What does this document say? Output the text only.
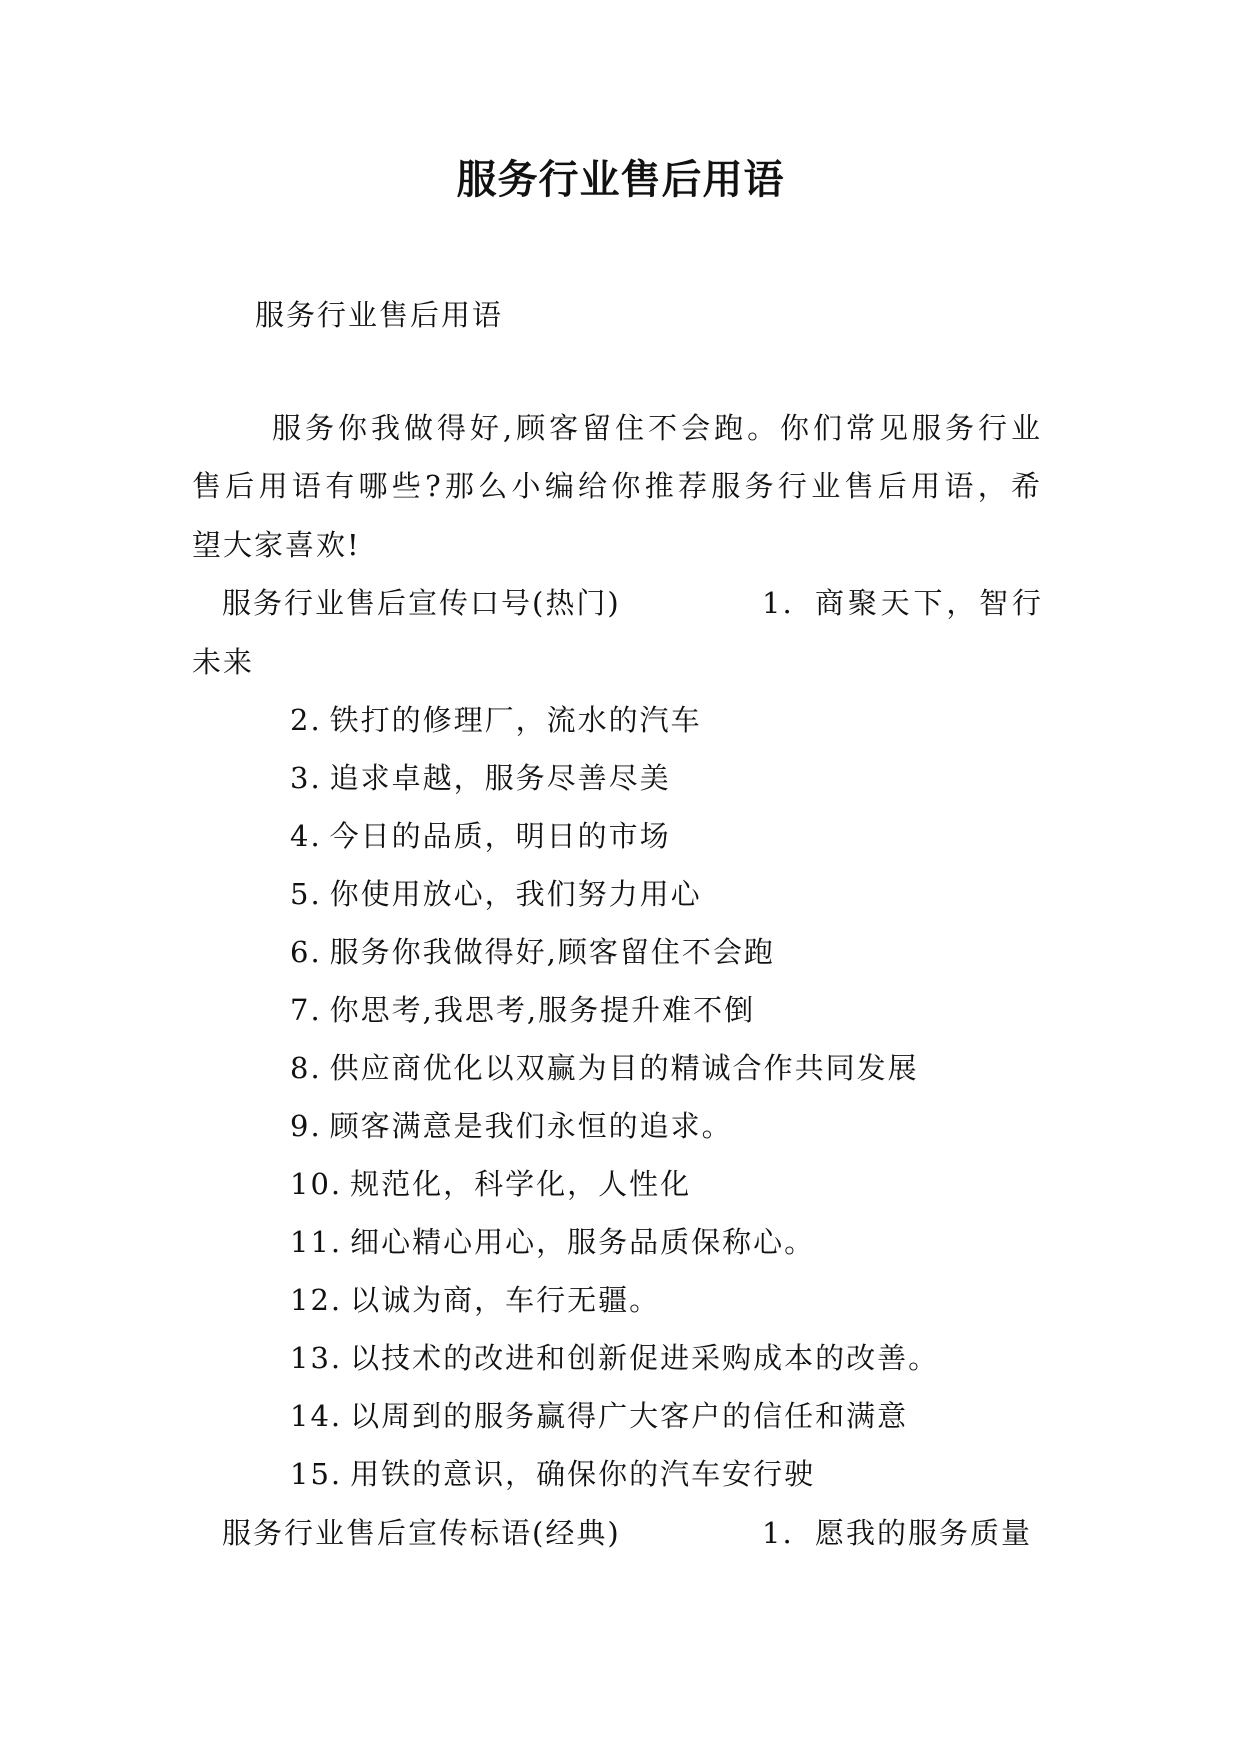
服务行业售后用语
服务行业售后用语
服务你我做得好,顾客留住不会跑。你们常见服务行业
售后用语有哪些?那么小编给你推荐服务行业售后用语，希
望大家喜欢!
服务行业售后宣传口号(热门)	1. 商聚天下，智行
未来
2. 铁打的修理厂，流水的汽车
3. 追求卓越，服务尽善尽美
4. 今日的品质，明日的市场
5. 你使用放心，我们努力用心
6. 服务你我做得好,顾客留住不会跑
7. 你思考,我思考,服务提升难不倒
8. 供应商优化以双赢为目的精诚合作共同发展
9. 顾客满意是我们永恒的追求。
10. 规范化，科学化，人性化
11. 细心精心用心，服务品质保称心。
12. 以诚为商，车行无疆。
13. 以技术的改进和创新促进采购成本的改善。
14. 以周到的服务赢得广大客户的信任和满意
15. 用铁的意识，确保你的汽车安行驶
服务行业售后宣传标语(经典)	1. 愿我的服务质量
